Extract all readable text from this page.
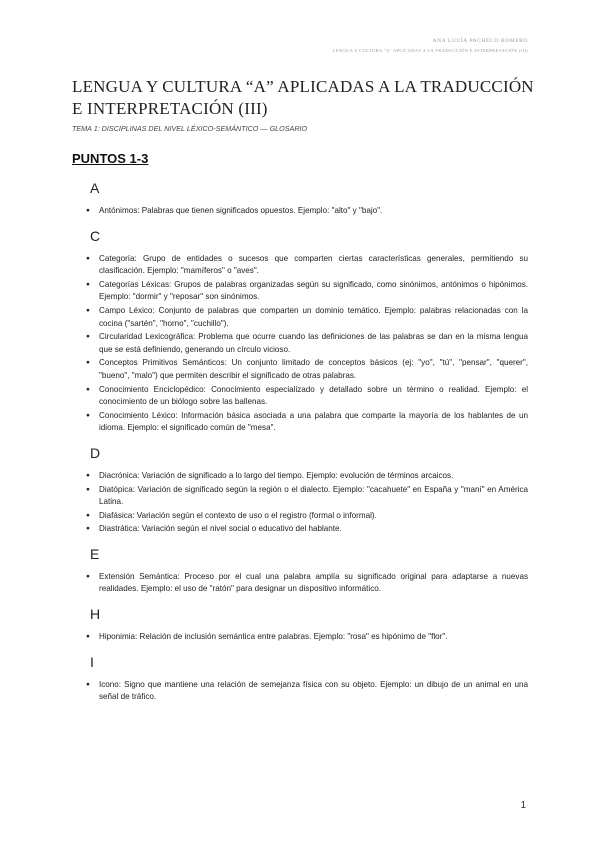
ANA LUCÍA PACHECO ROMERO
LENGUA Y CULTURA "A" APLICADAS A LA TRADUCCIÓN E INTERPRETACIÓN (III)
LENGUA Y CULTURA “A” APLICADAS A LA TRADUCCIÓN E INTERPRETACIÓN (III)
TEMA 1: DISCIPLINAS DEL NIVEL LÉXICO-SEMÁNTICO — GLOSARIO
PUNTOS 1-3
A
● Antónimos: Palabras que tienen significados opuestos. Ejemplo: "alto" y "bajo".
C
● Categoría: Grupo de entidades o sucesos que comparten ciertas características generales, permitiendo su clasificación. Ejemplo: "mamíferos" o "aves".
● Categorías Léxicas: Grupos de palabras organizadas según su significado, como sinónimos, antónimos o hipónimos. Ejemplo: "dormir" y "reposar" son sinónimos.
● Campo Léxico: Conjunto de palabras que comparten un dominio temático. Ejemplo: palabras relacionadas con la cocina ("sartén", "horno", "cuchillo").
● Circularidad Lexicográfica: Problema que ocurre cuando las definiciones de las palabras se dan en la misma lengua que se está definiendo, generando un círculo vicioso.
● Conceptos Primitivos Semánticos: Un conjunto limitado de conceptos básicos (ej: "yo", "tú", "pensar", "querer", "bueno", "malo") que permiten describir el significado de otras palabras.
● Conocimiento Enciclopédico: Conocimiento especializado y detallado sobre un término o realidad. Ejemplo: el conocimiento de un biólogo sobre las ballenas.
● Conocimiento Léxico: Información básica asociada a una palabra que comparte la mayoría de los hablantes de un idioma. Ejemplo: el significado común de "mesa".
D
● Diacrónica: Variación de significado a lo largo del tiempo. Ejemplo: evolución de términos arcaicos.
● Diatópica: Variación de significado según la región o el dialecto. Ejemplo: "cacahuete" en España y "maní" en América Latina.
● Diafásica: Variación según el contexto de uso o el registro (formal o informal).
● Diastrática: Variación según el nivel social o educativo del hablante.
E
● Extensión Semántica: Proceso por el cual una palabra amplía su significado original para adaptarse a nuevas realidades. Ejemplo: el uso de "ratón" para designar un dispositivo informático.
H
● Hiponimia: Relación de inclusión semántica entre palabras. Ejemplo: "rosa" es hipónimo de "flor".
I
● Icono: Signo que mantiene una relación de semejanza física con su objeto. Ejemplo: un dibujo de un animal en una señal de tráfico.
1
